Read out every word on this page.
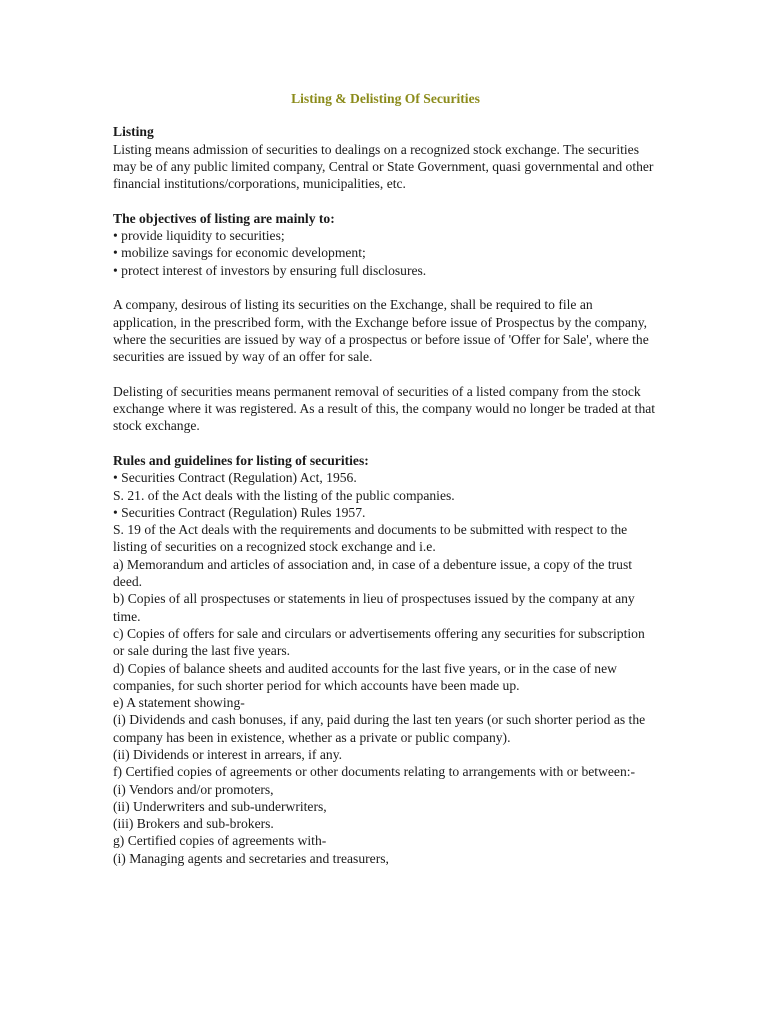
Listing & Delisting Of Securities

Listing

Listing means admission of securities to dealings on a recognized stock exchange. The securities may be of any public limited company, Central or State Government, quasi governmental and other financial institutions/corporations, municipalities, etc.

The objectives of listing are mainly to:

• provide liquidity to securities;
• mobilize savings for economic development;
• protect interest of investors by ensuring full disclosures.

A company, desirous of listing its securities on the Exchange, shall be required to file an application, in the prescribed form, with the Exchange before issue of Prospectus by the company, where the securities are issued by way of a prospectus or before issue of 'Offer for Sale', where the securities are issued by way of an offer for sale.

Delisting of securities means permanent removal of securities of a listed company from the stock exchange where it was registered. As a result of this, the company would no longer be traded at that stock exchange.

Rules and guidelines for listing of securities:

• Securities Contract (Regulation) Act, 1956.
S. 21. of the Act deals with the listing of the public companies.
• Securities Contract (Regulation) Rules 1957.
S. 19 of the Act deals with the requirements and documents to be submitted with respect to the listing of securities on a recognized stock exchange and i.e.
a) Memorandum and articles of association and, in case of a debenture issue, a copy of the trust deed.
b) Copies of all prospectuses or statements in lieu of prospectuses issued by the company at any time.
c) Copies of offers for sale and circulars or advertisements offering any securities for subscription or sale during the last five years.
d) Copies of balance sheets and audited accounts for the last five years, or in the case of new companies, for such shorter period for which accounts have been made up.
e) A statement showing-
(i) Dividends and cash bonuses, if any, paid during the last ten years (or such shorter period as the company has been in existence, whether as a private or public company).
(ii) Dividends or interest in arrears, if any.
f) Certified copies of agreements or other documents relating to arrangements with or between:-
(i) Vendors and/or promoters,
(ii) Underwriters and sub-underwriters,
(iii) Brokers and sub-brokers.
g) Certified copies of agreements with-
(i) Managing agents and secretaries and treasurers,
